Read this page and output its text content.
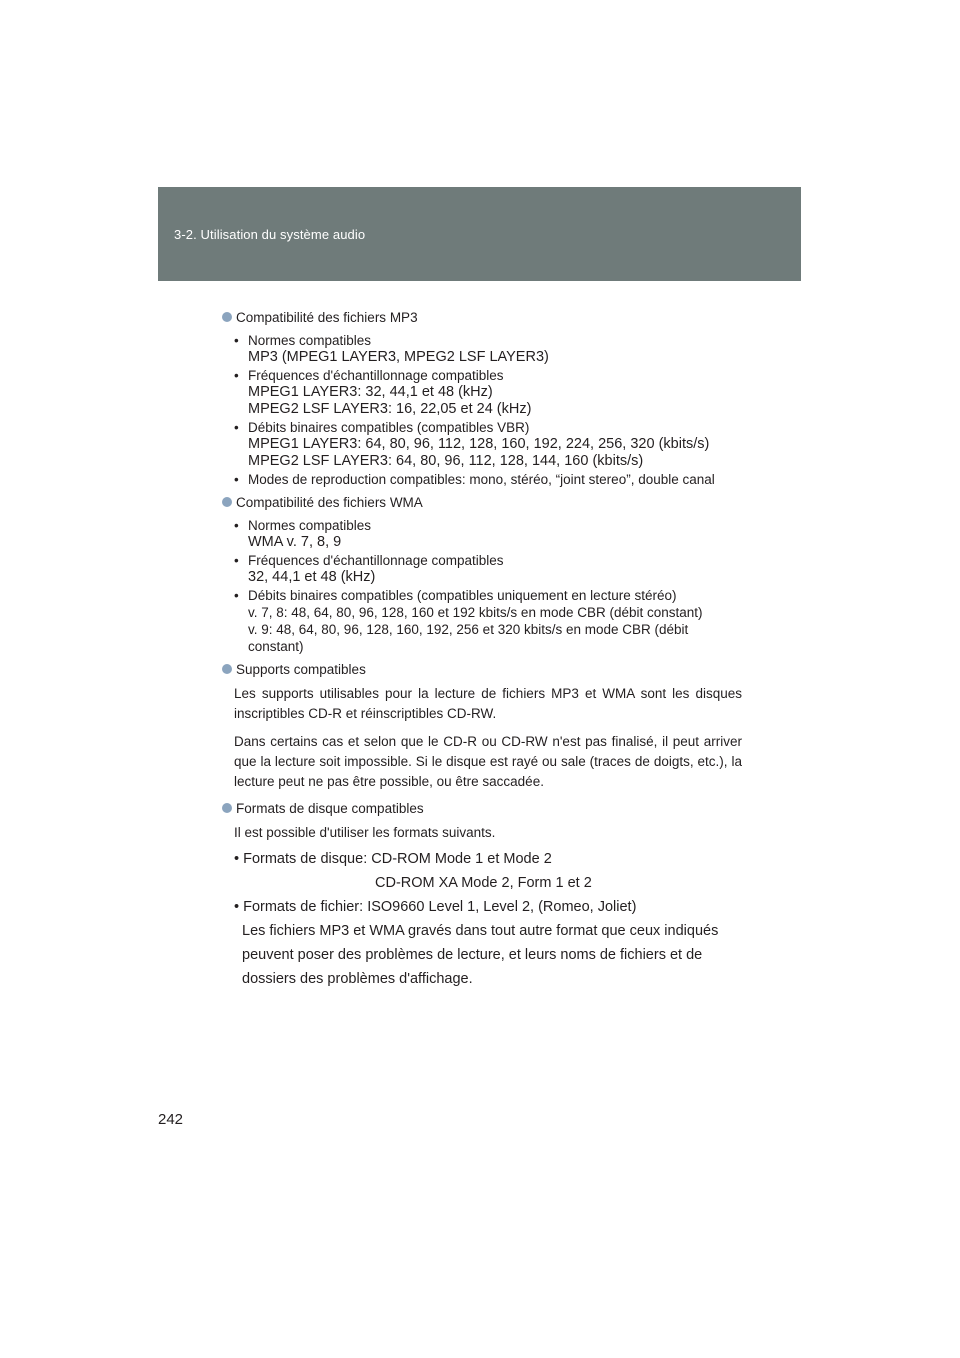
3-2. Utilisation du système audio
Compatibilité des fichiers MP3
• Normes compatibles
MP3 (MPEG1 LAYER3, MPEG2 LSF LAYER3)
• Fréquences d'échantillonnage compatibles
MPEG1 LAYER3: 32, 44,1 et 48 (kHz)
MPEG2 LSF LAYER3: 16, 22,05 et 24 (kHz)
• Débits binaires compatibles (compatibles VBR)
MPEG1 LAYER3: 64, 80, 96, 112, 128, 160, 192, 224, 256, 320 (kbits/s)
MPEG2 LSF LAYER3: 64, 80, 96, 112, 128, 144, 160 (kbits/s)
• Modes de reproduction compatibles: mono, stéréo, “joint stereo”, double canal
Compatibilité des fichiers WMA
• Normes compatibles
WMA v. 7, 8, 9
• Fréquences d'échantillonnage compatibles
32, 44,1 et 48 (kHz)
• Débits binaires compatibles (compatibles uniquement en lecture stéréo)
v. 7, 8: 48, 64, 80, 96, 128, 160 et 192 kbits/s en mode CBR (débit constant)
v. 9: 48, 64, 80, 96, 128, 160, 192, 256 et 320 kbits/s en mode CBR (débit constant)
Supports compatibles

Les supports utilisables pour la lecture de fichiers MP3 et WMA sont les disques inscriptibles CD-R et réinscriptibles CD-RW.

Dans certains cas et selon que le CD-R ou CD-RW n'est pas finalisé, il peut arriver que la lecture soit impossible. Si le disque est rayé ou sale (traces de doigts, etc.), la lecture peut ne pas être possible, ou être saccadée.

Formats de disque compatibles

Il est possible d'utiliser les formats suivants.

• Formats de disque: CD-ROM Mode 1 et Mode 2
CD-ROM XA Mode 2, Form 1 et 2
• Formats de fichier: ISO9660 Level 1, Level 2, (Romeo, Joliet)
Les fichiers MP3 et WMA gravés dans tout autre format que ceux indiqués peuvent poser des problèmes de lecture, et leurs noms de fichiers et de dossiers des problèmes d'affichage.
242
